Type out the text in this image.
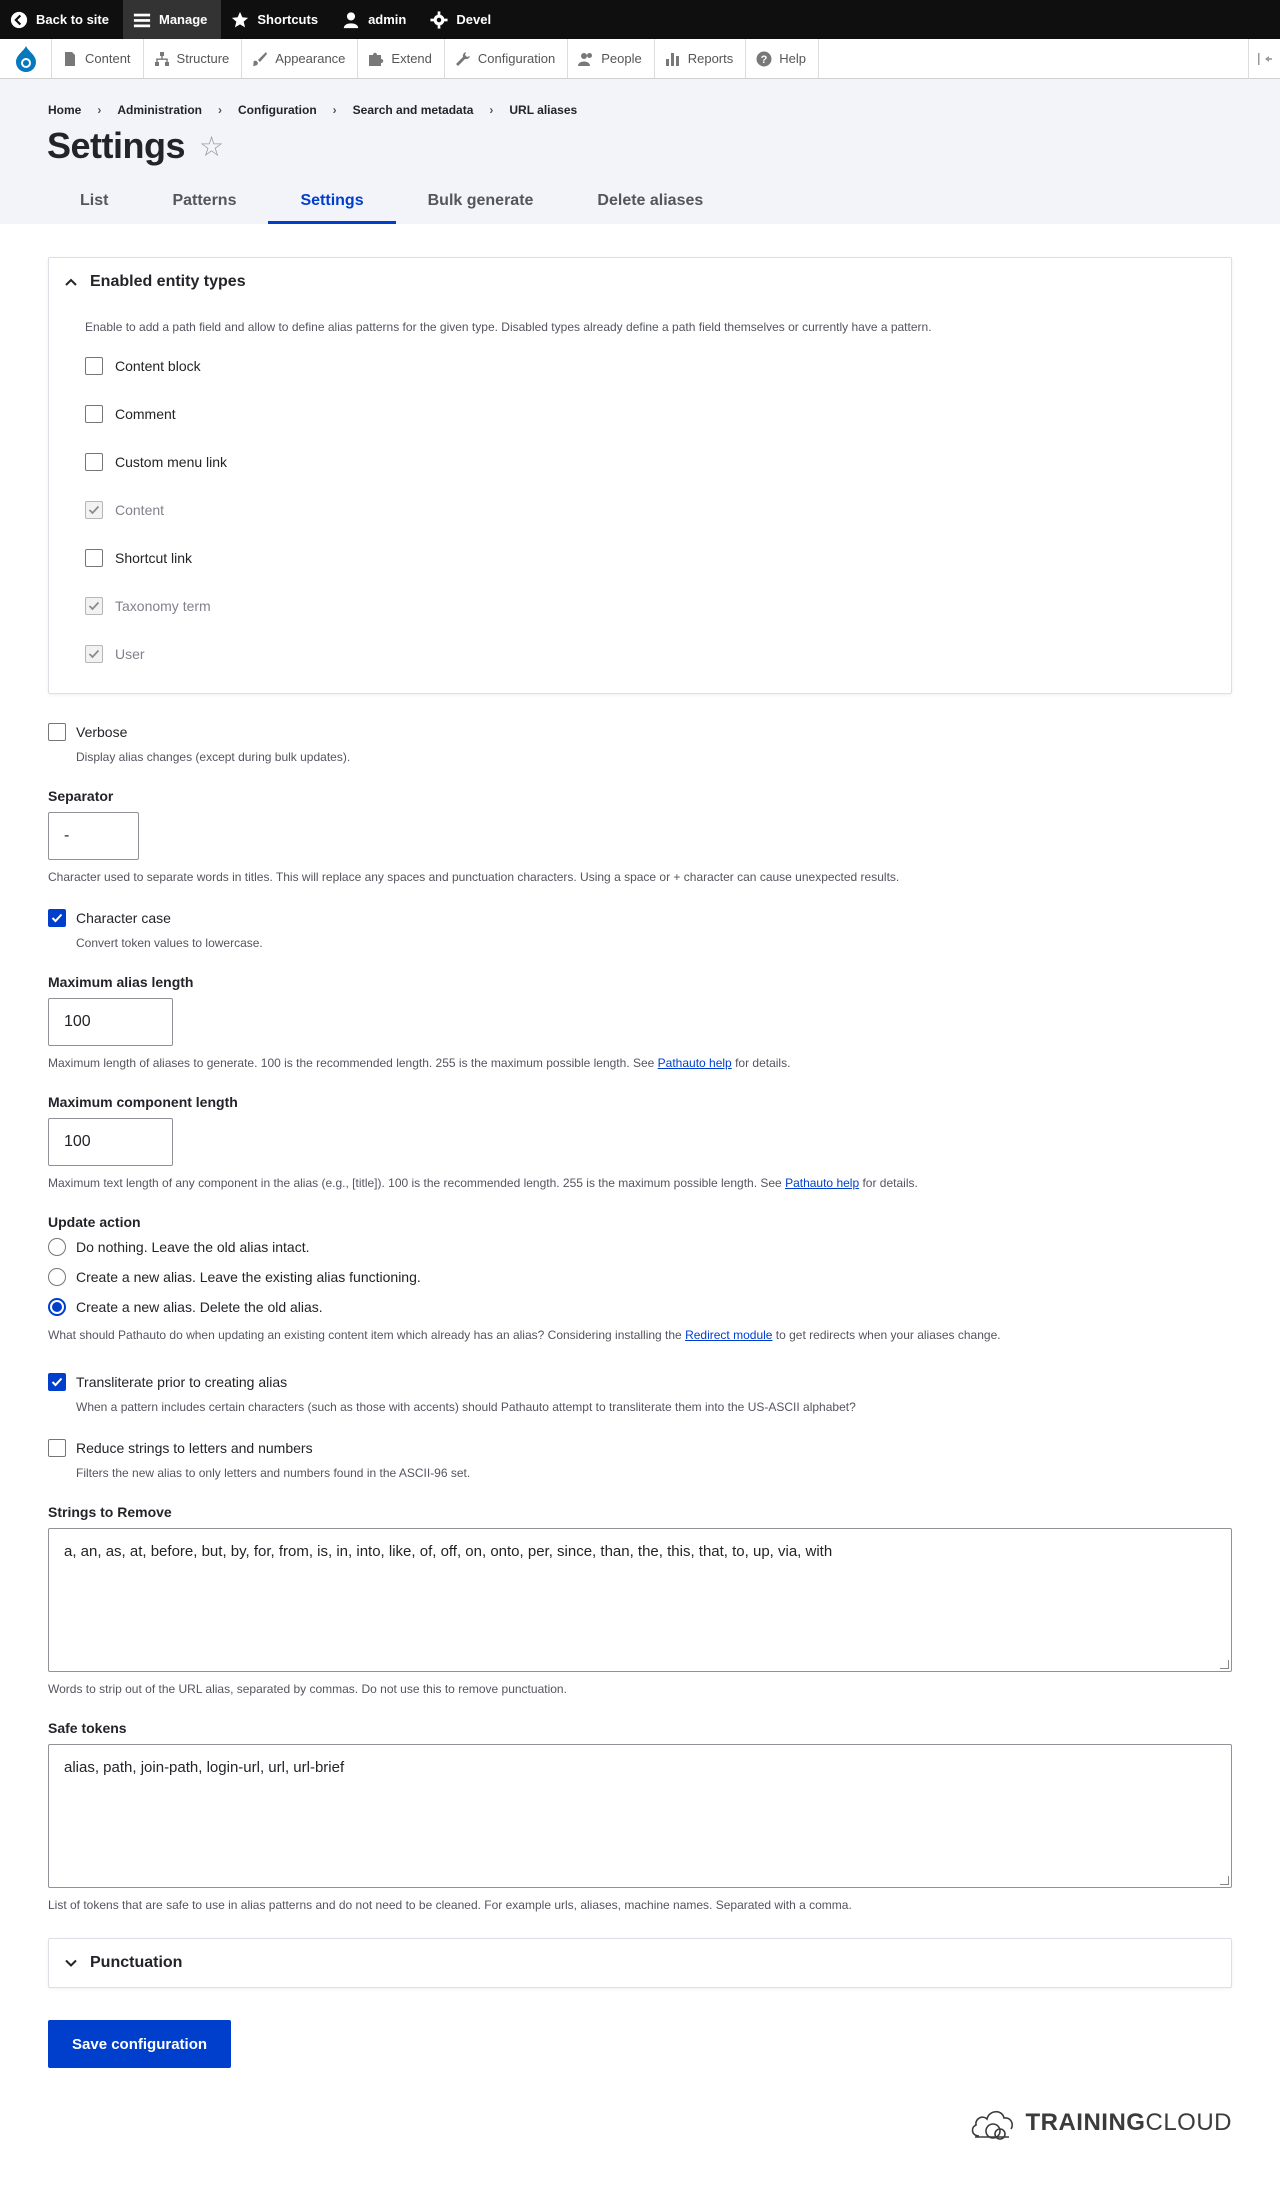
Back to site	Manage	Shortcuts	admin	Devel
Content	Structure	Appearance	Extend	Configuration	People	Reports	? Help
Home › Administration › Configuration › Search and metadata › URL aliases
Settings ☆
List	Patterns	Settings	Bulk generate	Delete aliases
Enabled entity types
Enable to add a path field and allow to define alias patterns for the given type. Disabled types already define a path field themselves or currently have a pattern.
Content block
Comment
Custom menu link
Content
Shortcut link
Taxonomy term
User
Verbose
Display alias changes (except during bulk updates).
Separator
-
Character used to separate words in titles. This will replace any spaces and punctuation characters. Using a space or + character can cause unexpected results.
Character case
Convert token values to lowercase.
Maximum alias length
100
Maximum length of aliases to generate. 100 is the recommended length. 255 is the maximum possible length. See Pathauto help for details.
Maximum component length
100
Maximum text length of any component in the alias (e.g., [title]). 100 is the recommended length. 255 is the maximum possible length. See Pathauto help for details.
Update action
Do nothing. Leave the old alias intact.
Create a new alias. Leave the existing alias functioning.
Create a new alias. Delete the old alias.
What should Pathauto do when updating an existing content item which already has an alias? Considering installing the Redirect module to get redirects when your aliases change.
Transliterate prior to creating alias
When a pattern includes certain characters (such as those with accents) should Pathauto attempt to transliterate them into the US-ASCII alphabet?
Reduce strings to letters and numbers
Filters the new alias to only letters and numbers found in the ASCII-96 set.
Strings to Remove
a, an, as, at, before, but, by, for, from, is, in, into, like, of, off, on, onto, per, since, than, the, this, that, to, up, via, with
Words to strip out of the URL alias, separated by commas. Do not use this to remove punctuation.
Safe tokens
alias, path, join-path, login-url, url, url-brief
List of tokens that are safe to use in alias patterns and do not need to be cleaned. For example urls, aliases, machine names. Separated with a comma.
Punctuation
Save configuration
TRAININGCLOUD
